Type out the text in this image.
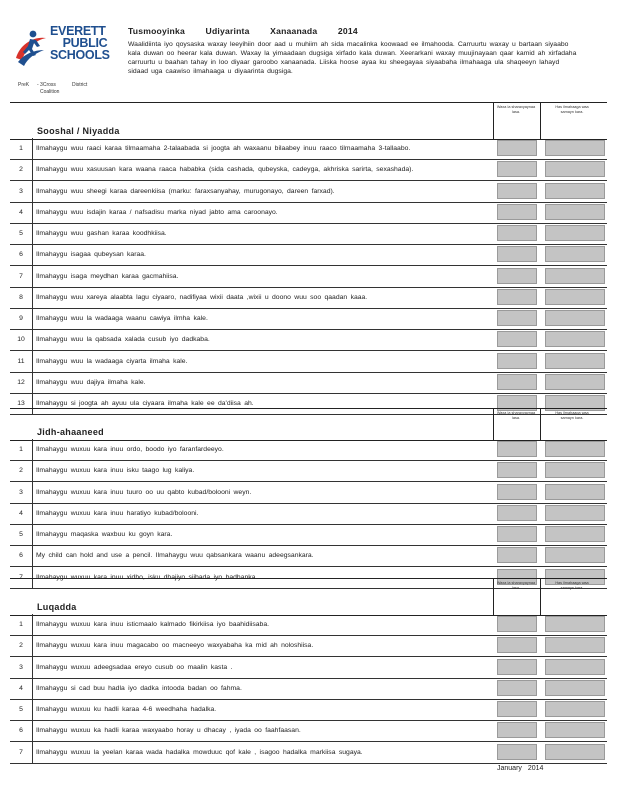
EVERETT
PUBLIC
SCHOOLS
PreK - 3Cross
Coalition
District
Tusmooyinka Udiyarinta Xanaanada 2014
Waalidiinta iyo qoysaska waxay leeyihiin door aad u muhiim ah sida macalinka koowaad ee ilmahooda. Carruurtu waxay u bartaan siyaabo kala duwan oo heerar kala duwan. Waxay la yimaadaan dugsiga xirfado kala duwan. Xeerarkani waxay muujinayaan qaar kamid ah xirfadaha carruurtu u baahan tahay in loo diyaar garoobo xanaanada. Liiska hoose ayaa ku sheegayaa siyaabaha ilmahaaga ula shaqeeyn lahayd sidaad uga caawiso ilmahaaga u diyaarinta dugsiga.
Sooshal / Niyadda
Waxa la sharaxyaynaa lasa.
Has ilmahaaga waa samayn kara.
1	Ilmahaygu wuu raaci karaa tilmaamaha 2-talaabada si joogta ah waxaanu bilaabey inuu raaco tilmaamaha 3-tallaabo.
2	Ilmahaygu wuu xasuusan kara waana raaca hababka (sida cashada, qubeyska, cadeyga, akhriska sarirta, sexashada).
3	Ilmahaygu wuu sheegi karaa dareenkiisa (marku: faraxsanyahay, murugonayo, dareen farxad).
4	Ilmahaygu wuu isdajin karaa / nafsadisu marka niyad jabto ama caroonayo.
5	Ilmahaygu wuu gashan karaa koodhkiisa.
6	Ilmahaygu isagaa qubeysan karaa.
7	Ilmahaygu isaga meydhan karaa gacmahiisa.
8	Ilmahaygu wuu xareya alaabta lagu ciyaaro, nadifiyaa wixii daata ,wixii u doono wuu soo qaadan kaaa.
9	Ilmahaygu wuu la wadaaga waanu cawiya ilmha kale.
10	Ilmahaygu wuu la qabsada xalada cusub iyo dadkaba.
11	Ilmahaygu wuu la wadaaga ciyarta ilmaha kale.
12	Ilmahaygu wuu dajiya ilmaha kale.
13	Ilmahaygu si joogta ah ayuu ula ciyaara ilmaha kale ee da'diisa ah.
Jidh-ahaaneed
Waxa la sharaxyaynaa lasa.
Has ilmahaaga waa samayn kara.
1	Ilmahaygu wuxuu kara inuu ordo, boodo iyo faranfardeeyo.
2	Ilmahaygu wuxuu kara inuu isku taago lug kaliya.
3	Ilmahaygu wuxuu kara inuu tuuro oo uu qabto kubad/bolooni weyn.
4	Ilmahaygu wuxuu kara inuu haratiyo kubad/bolooni.
5	Ilmahaygu maqaska waxbuu ku goyn kara.
6	My child can hold and use a pencil. Ilmahaygu wuu qabsankara waanu adeegsankara.
7	Ilmahaygu wuxuu kara inuu xidho, isku dhajiyo siibada iyo badhanka.
Luqadda
Waxa la sharaxyaynaa lasa.
Has ilmahaaga waa samayn kara.
1	Ilmahaygu wuxuu kara inuu isticmaalo kalmado fikirkiisa iyo baahidiisaba.
2	Ilmahaygu wuxuu kara inuu magacabo oo macneeyo waxyabaha ka mid ah noloshiisa.
3	Ilmahaygu wuxuu adeegsadaa ereyo cusub oo maalin kasta .
4	Ilmahaygu si cad buu hadla iyo dadka intooda badan oo fahma.
5	Ilmahaygu wuxuu ku hadli karaa 4-6 weedhaha hadalka.
6	Ilmahaygu wuxuu ka hadli karaa waxyaabo horay u dhacay , iyada oo faahfaasan.
7	Ilmahaygu wuxuu la yeelan karaa wada hadalka mowduuc qof kale , isagoo hadalka markiisa sugaya.
January 2014
